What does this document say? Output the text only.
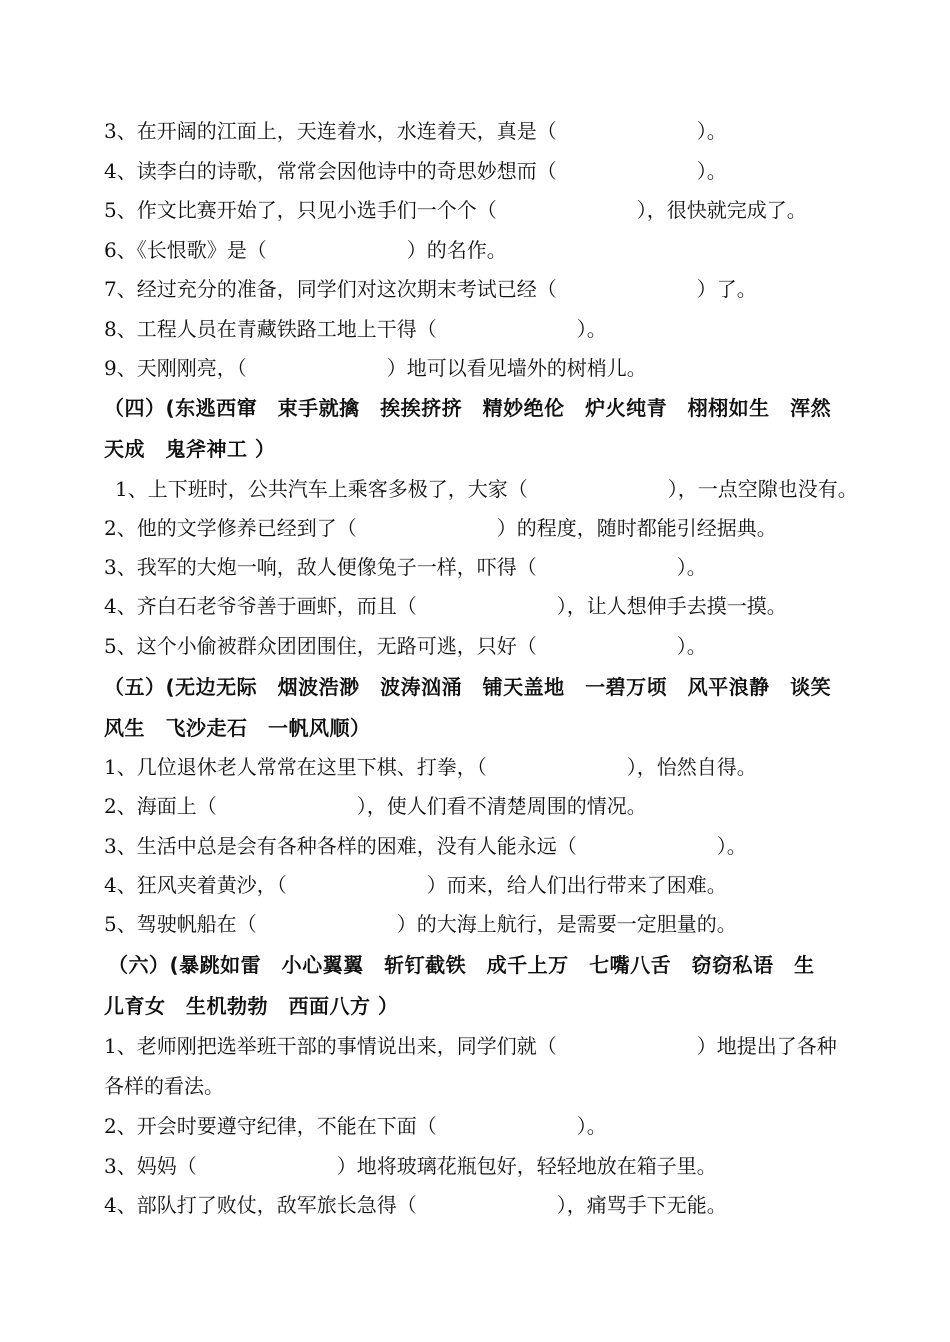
3、在开阔的江面上，天连着水，水连着天，真是（　　　　　　　）。
4、读李白的诗歌，常常会因他诗中的奇思妙想而（　　　　　　　）。
5、作文比赛开始了，只见小选手们一个个（　　　　　　　），很快就完成了。
6、《长恨歌》是（　　　　　　　）的名作。
7、经过充分的准备，同学们对这次期末考试已经（　　　　　　　）了。
8、工程人员在青藏铁路工地上干得（　　　　　　　）。
9、天刚刚亮，（　　　　　　　）地可以看见墙外的树梢儿。
（四）(东逃西窜　束手就擒　挨挨挤挤　精妙绝伦　炉火纯青　栩栩如生　浑然
天成　鬼斧神工 ）
1、上下班时，公共汽车上乘客多极了，大家（　　　　　　　），一点空隙也没有。
2、他的文学修养已经到了（　　　　　　　）的程度，随时都能引经据典。
3、我军的大炮一响，敌人便像兔子一样，吓得（　　　　　　　）。
4、齐白石老爷爷善于画虾，而且（　　　　　　　），让人想伸手去摸一摸。
5、这个小偷被群众团团围住，无路可逃，只好（　　　　　　　）。
（五）(无边无际　烟波浩渺　波涛汹涌　铺天盖地　一碧万顷　风平浪静　谈笑
风生　飞沙走石　一帆风顺）
1、几位退休老人常常在这里下棋、打拳，（　　　　　　　），怡然自得。
2、海面上（　　　　　　　），使人们看不清楚周围的情况。
3、生活中总是会有各种各样的困难，没有人能永远（　　　　　　　）。
4、狂风夹着黄沙，（　　　　　　　）而来，给人们出行带来了困难。
5、驾驶帆船在（　　　　　　　）的大海上航行，是需要一定胆量的。
（六）(暴跳如雷　小心翼翼　斩钉截铁　成千上万　七嘴八舌　窃窃私语　生
儿育女　生机勃勃　西面八方 ）
1、老师刚把选举班干部的事情说出来，同学们就（　　　　　　　）地提出了各种
各样的看法。
2、开会时要遵守纪律，不能在下面（　　　　　　　）。
3、妈妈（　　　　　　　）地将玻璃花瓶包好，轻轻地放在箱子里。
4、部队打了败仗，敌军旅长急得（　　　　　　　），痛骂手下无能。
